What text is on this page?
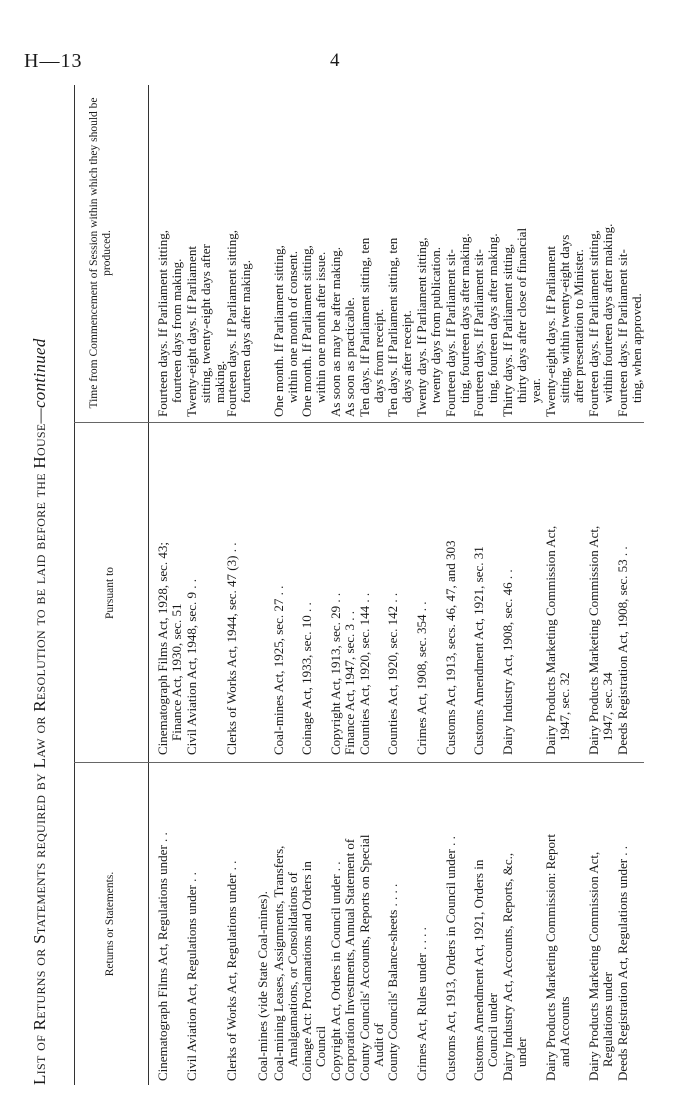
H—13	4
List of Returns or Statements required by Law or Resolution to be laid before the House—continued
Returns or Statements.
Pursuant to
Time from Commencement of Session within which they should be produced.
Cinematograph Films Act, Regulations under . .
Cinematograph Films Act, 1928, sec. 43; Finance Act, 1930, sec. 51
Fourteen days. If Parliament sitting, fourteen days from making.
Civil Aviation Act, Regulations under . .
Civil Aviation Act, 1948, sec. 9 . .
Twenty-eight days. If Parliament sitting, twenty-eight days after making.
Clerks of Works Act, Regulations under . .
Clerks of Works Act, 1944, sec. 47 (3) . .
Fourteen days. If Parliament sitting, fourteen days after making.
Coal-mines (vide State Coal-mines). Coal-mining Leases, Assignments, Transfers, Amalgamations, or Consolidations of
Coal-mines Act, 1925, sec. 27 . .
One month. If Parliament sitting, within one month of consent.
Coinage Act: Proclamations and Orders in Council
Coinage Act, 1933, sec. 10 . .
One month. If Parliament sitting, within one month after issue.
Copyright Act, Orders in Council under . .
Copyright Act, 1913, sec. 29 . .
As soon as may be after making.
Corporation Investments, Annual Statement of
Finance Act, 1947, sec. 3 . .
As soon as practicable.
County Councils' Accounts, Reports on Special Audit of
Counties Act, 1920, sec. 144 . .
Ten days. If Parliament sitting, ten days from receipt.
County Councils' Balance-sheets . . . .
Counties Act, 1920, sec. 142 . .
Ten days. If Parliament sitting, ten days after receipt.
Crimes Act, Rules under . . . .
Crimes Act, 1908, sec. 354 . .
Twenty days. If Parliament sitting, twenty days from publication.
Customs Act, 1913, Orders in Council under . .
Customs Act, 1913, secs. 46, 47, and 303
Fourteen days. If Parliament sit- ting, fourteen days after making.
Customs Amendment Act, 1921, Orders in Council under
Customs Amendment Act, 1921, sec. 31
Fourteen days. If Parliament sit- ting, fourteen days after making.
Dairy Industry Act, Accounts, Reports, &c., under
Dairy Industry Act, 1908, sec. 46 . .
Thirty days. If Parliament sitting, thirty days after close of financial year.
Dairy Products Marketing Commission: Report and Accounts
Dairy Products Marketing Commission Act, 1947, sec. 32
Twenty-eight days. If Parliament sitting, within twenty-eight days after presentation to Minister.
Dairy Products Marketing Commission Act, Regulations under
Dairy Products Marketing Commission Act, 1947, sec. 34
Fourteen days. If Parliament sitting, within fourteen days after making.
Deeds Registration Act, Regulations under . .
Deeds Registration Act, 1908, sec. 53 . .
Fourteen days. If Parliament sit- ting, when approved.
